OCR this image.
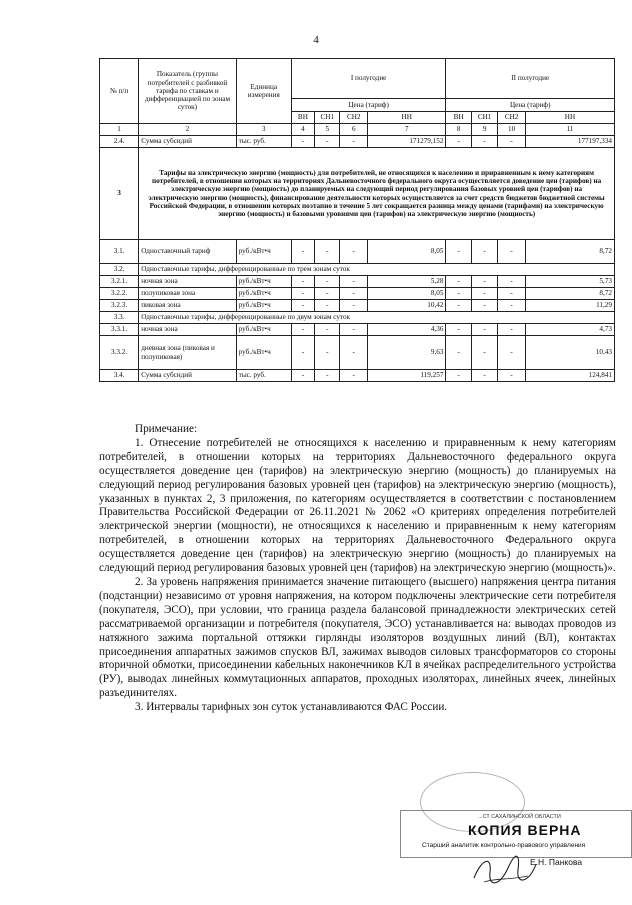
4
№ п/п	Показатель (группы потребителей с разбивкой тарифа по ставкам и дифференциацией по зонам суток)	Единица измерения	I полугодие				II полугодие			
			Цена (тариф)				Цена (тариф)			
			ВН	СН1	СН2	НН	ВН	СН1	СН2	НН
1	2	3	4	5	6	7	8	9	10	11
2.4.	Сумма субсидий	тыс. руб.	-	-	-	171279,152	-	-	-	177197,334
3	Тарифы на электрическую энергию (мощность) для потребителей, не относящихся к населению и приравненным к нему категориям потребителей, в отношении которых на территориях Дальневосточного федерального округа осуществляется доведение цен (тарифов) на электрическую энергию (мощность) до планируемых на следующий период регулирования базовых уровней цен (тарифов) на электрическую энергию (мощность), финансирование деятельности которых осуществляется за счет средств бюджетов бюджетной системы Российской Федерации, в отношении которых поэтапно в течение 5 лет сокращается разница между ценами (тарифами) на электрическую энергию (мощность) и базовыми уровнями цен (тарифов) на электрическую энергию (мощность)									
3.1.	Одноставочный тариф	руб./кВт•ч	-	-	-	8,05	-	-	-	8,72
3.2.	Одноставочные тарифы, дифференцированные по трем зонам суток									
3.2.1.	ночная зона	руб./кВт•ч	-	-	-	5,28	-	-	-	5,73
3.2.2.	полупиковая зона	руб./кВт•ч	-	-	-	8,05	-	-	-	8,72
3.2.3.	пиковая зона	руб./кВт•ч	-	-	-	10,42	-	-	-	11,29
3.3.	Одноставочные тарифы, дифференцированные по двум зонам суток									
3.3.1.	ночная зона	руб./кВт•ч	-	-	-	4,36	-	-	-	4,73
3.3.2.	дневная зона (пиковая и полупиковая)	руб./кВт•ч	-	-	-	9,63	-	-	-	10,43
3.4.	Сумма субсидий	тыс. руб.	-	-	-	119,257	-	-	-	124,841

Примечание:

1. Отнесение потребителей не относящихся к населению и приравненным к нему категориям потребителей, в отношении которых на территориях Дальневосточного федерального округа осуществляется доведение цен (тарифов) на электрическую энергию (мощность) до планируемых на следующий период регулирования базовых уровней цен (тарифов) на электрическую энергию (мощность), указанных в пунктах 2, 3 приложения, по категориям осуществляется в соответствии с постановлением Правительства Российской Федерации от 26.11.2021 № 2062 «О критериях определения потребителей электрической энергии (мощности), не относящихся к населению и приравненным к нему категориям потребителей, в отношении которых на территориях Дальневосточного Федерального округа осуществляется доведение цен (тарифов) на электрическую энергию (мощность) до планируемых на следующий период регулирования базовых уровней цен (тарифов) на электрическую энергию (мощность)».

2. За уровень напряжения принимается значение питающего (высшего) напряжения центра питания (подстанции) независимо от уровня напряжения, на котором подключены электрические сети потребителя (покупателя, ЭСО), при условии, что граница раздела балансовой принадлежности электрических сетей рассматриваемой организации и потребителя (покупателя, ЭСО) устанавливается на: выводах проводов из натяжного зажима портальной оттяжки гирлянды изоляторов воздушных линий (ВЛ), контактах присоединения аппаратных зажимов спусков ВЛ, зажимах выводов силовых трансформаторов со стороны вторичной обмотки, присоединении кабельных наконечников КЛ в ячейках распределительного устройства (РУ), выводах линейных коммутационных аппаратов, проходных изоляторах, линейных ячеек, линейных разъединителях.

3. Интервалы тарифных зон суток устанавливаются ФАС России.

...СТ САХАЛИНСКОЙ ОБЛАСТИ
КОПИЯ ВЕРНА
Старший аналитик контрольно-правового управления
Е.Н. Панкова
